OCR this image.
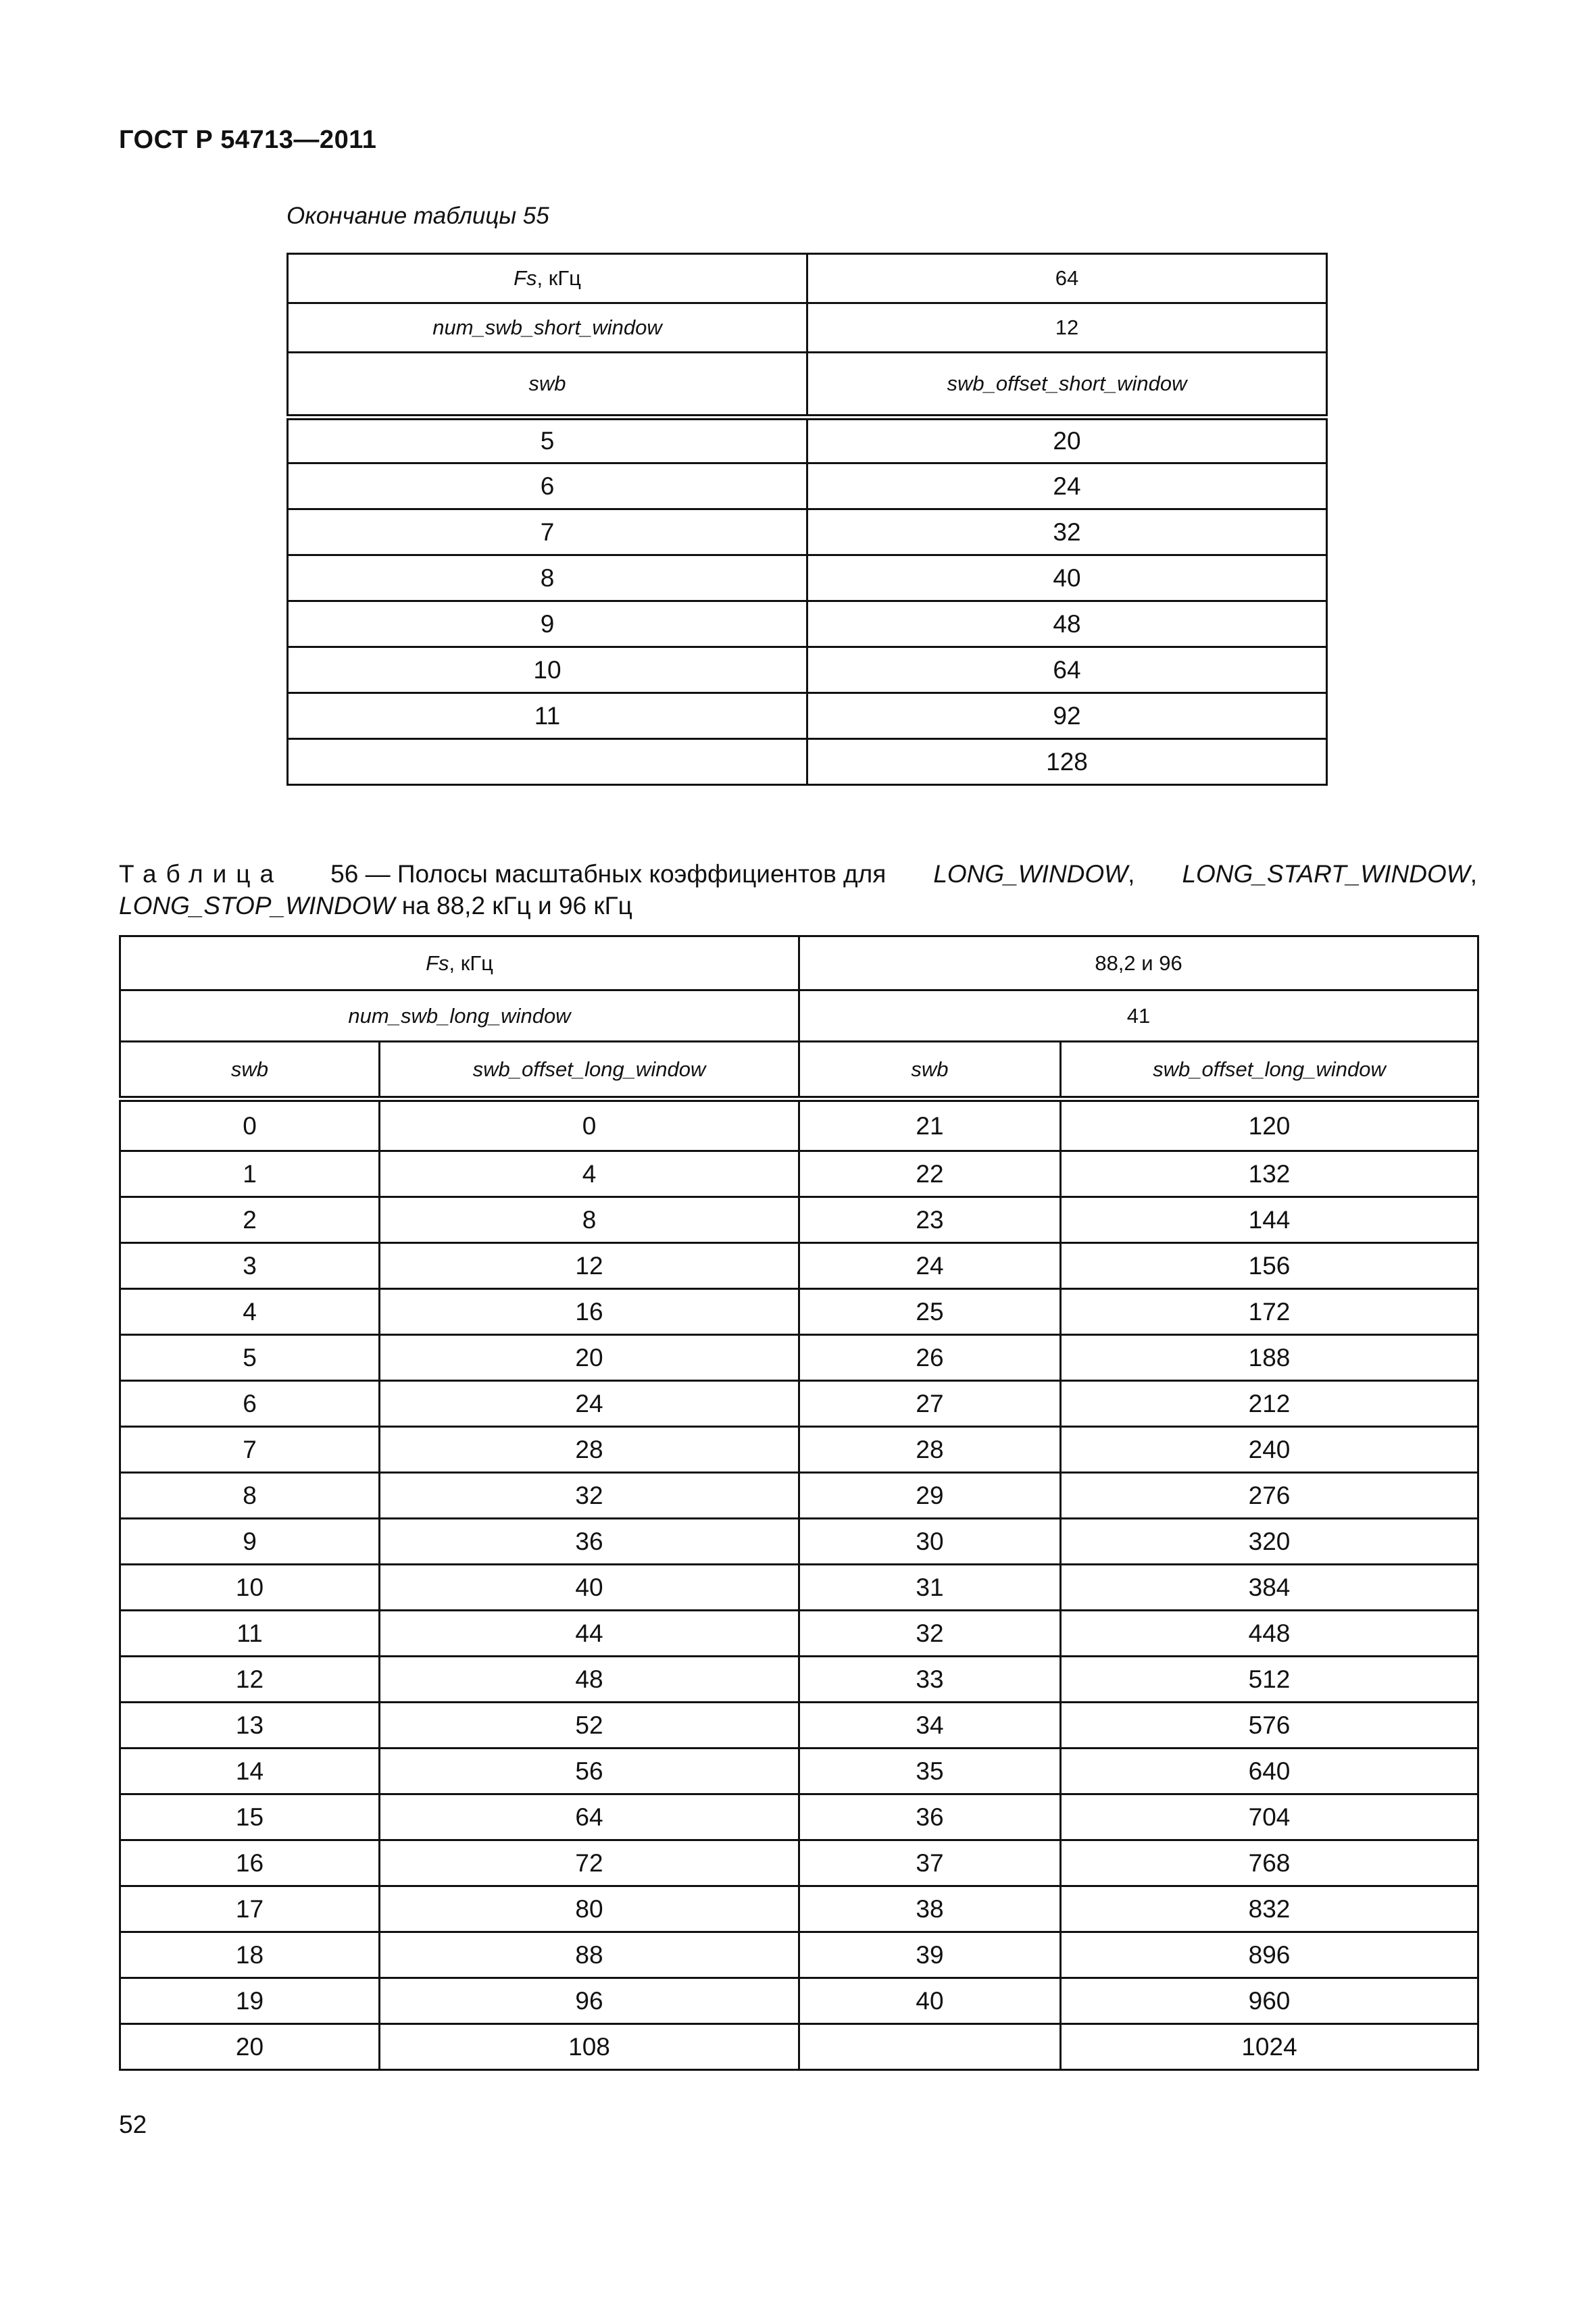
ГОСТ Р 54713—2011
Окончание таблицы 55
Fs, кГц	64
num_swb_short_window	12
swb	swb_offset_short_window
5	20
6	24
7	32
8	40
9	48
10	64
11	92
	128
Таблица 56 — Полосы масштабных коэффициентов для LONG_WINDOW, LONG_START_WINDOW,
LONG_STOP_WINDOW на 88,2 кГц и 96 кГц
Fs, кГц		88,2 и 96	
num_swb_long_window		41	
swb	swb_offset_long_window	swb	swb_offset_long_window
0	0	21	120
1	4	22	132
2	8	23	144
3	12	24	156
4	16	25	172
5	20	26	188
6	24	27	212
7	28	28	240
8	32	29	276
9	36	30	320
10	40	31	384
11	44	32	448
12	48	33	512
13	52	34	576
14	56	35	640
15	64	36	704
16	72	37	768
17	80	38	832
18	88	39	896
19	96	40	960
20	108		1024
52
